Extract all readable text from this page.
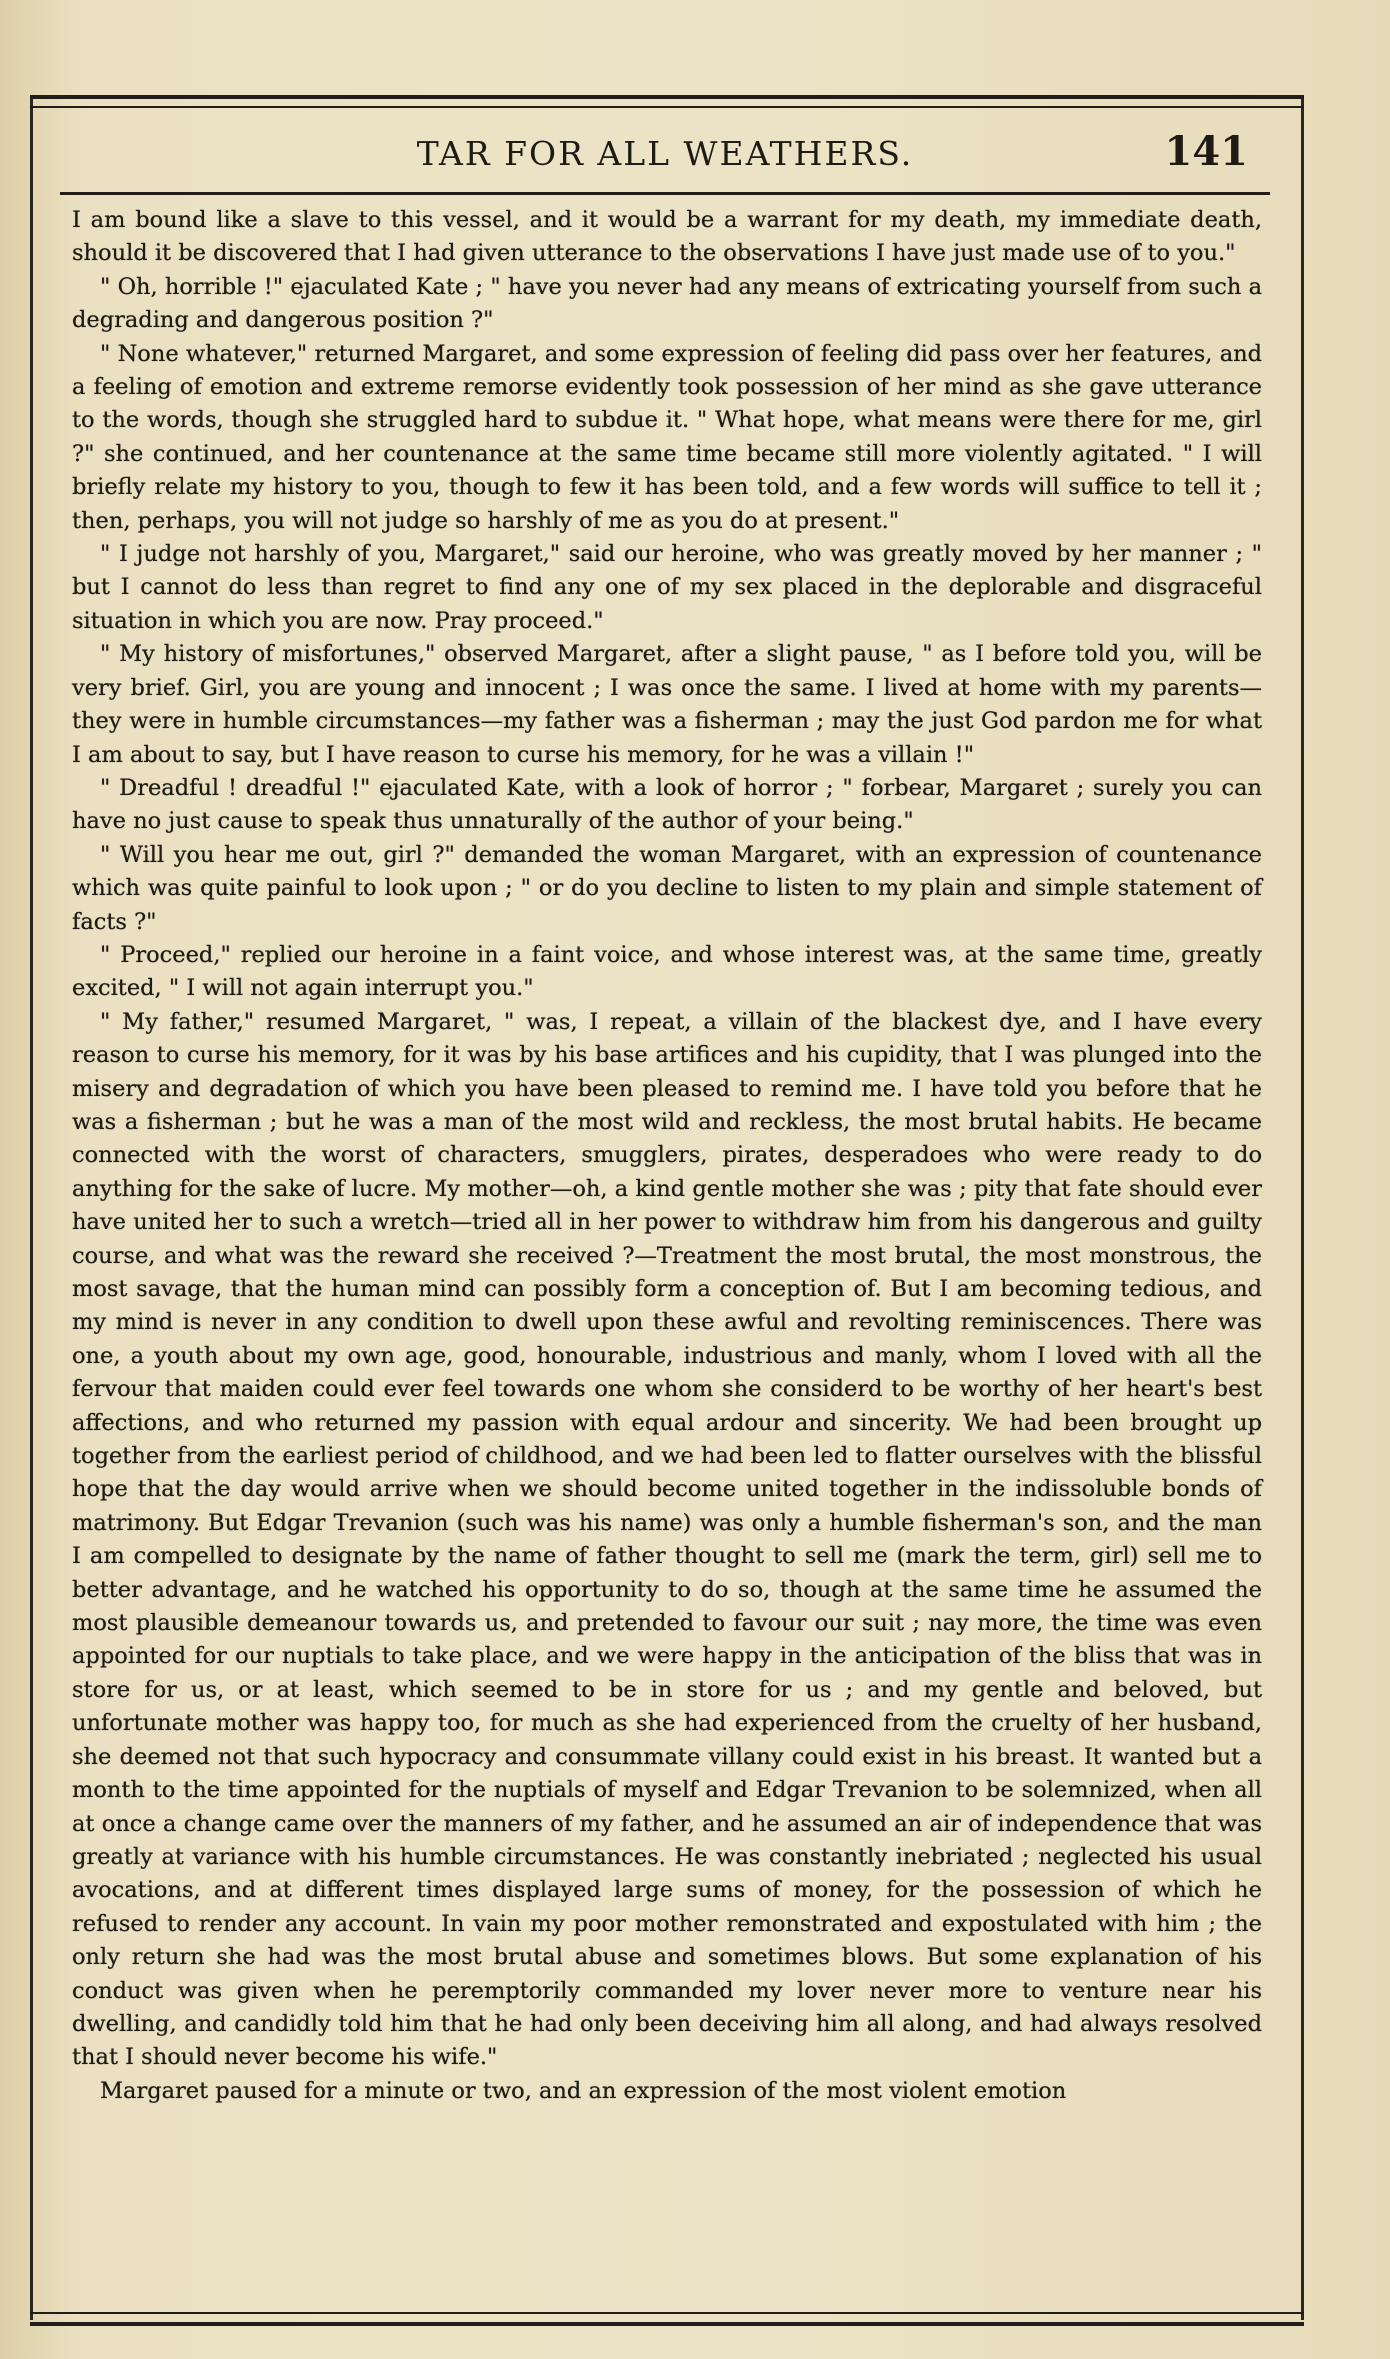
TAR FOR ALL WEATHERS.	141

I am bound like a slave to this vessel, and it would be a warrant for my death, my immediate death, should it be discovered that I had given utterance to the observations I have just made use of to you."

" Oh, horrible !" ejaculated Kate ; " have you never had any means of extricating yourself from such a degrading and dangerous position ?"

" None whatever," returned Margaret, and some expression of feeling did pass over her features, and a feeling of emotion and extreme remorse evidently took possession of her mind as she gave utterance to the words, though she struggled hard to subdue it. " What hope, what means were there for me, girl ?" she continued, and her countenance at the same time became still more violently agitated. " I will briefly relate my history to you, though to few it has been told, and a few words will suffice to tell it ; then, perhaps, you will not judge so harshly of me as you do at present."

" I judge not harshly of you, Margaret," said our heroine, who was greatly moved by her manner ; " but I cannot do less than regret to find any one of my sex placed in the deplorable and disgraceful situation in which you are now. Pray proceed."

" My history of misfortunes," observed Margaret, after a slight pause, " as I before told you, will be very brief. Girl, you are young and innocent ; I was once the same. I lived at home with my parents—they were in humble circumstances—my father was a fisherman ; may the just God pardon me for what I am about to say, but I have reason to curse his memory, for he was a villain !"

" Dreadful ! dreadful !" ejaculated Kate, with a look of horror ; " forbear, Margaret ; surely you can have no just cause to speak thus unnaturally of the author of your being."

" Will you hear me out, girl ?" demanded the woman Margaret, with an expression of countenance which was quite painful to look upon ; " or do you decline to listen to my plain and simple statement of facts ?"

" Proceed," replied our heroine in a faint voice, and whose interest was, at the same time, greatly excited, " I will not again interrupt you."

" My father," resumed Margaret, " was, I repeat, a villain of the blackest dye, and I have every reason to curse his memory, for it was by his base artifices and his cupidity, that I was plunged into the misery and degradation of which you have been pleased to remind me. I have told you before that he was a fisherman ; but he was a man of the most wild and reckless, the most brutal habits. He became connected with the worst of characters, smugglers, pirates, desperadoes who were ready to do anything for the sake of lucre. My mother—oh, a kind gentle mother she was ; pity that fate should ever have united her to such a wretch—tried all in her power to withdraw him from his dangerous and guilty course, and what was the reward she received ?—Treatment the most brutal, the most monstrous, the most savage, that the human mind can possibly form a conception of. But I am becoming tedious, and my mind is never in any condition to dwell upon these awful and revolting reminiscences. There was one, a youth about my own age, good, honourable, industrious and manly, whom I loved with all the fervour that maiden could ever feel towards one whom she considerd to be worthy of her heart's best affections, and who returned my passion with equal ardour and sincerity. We had been brought up together from the earliest period of childhood, and we had been led to flatter ourselves with the blissful hope that the day would arrive when we should become united together in the indissoluble bonds of matrimony. But Edgar Trevanion (such was his name) was only a humble fisherman's son, and the man I am compelled to designate by the name of father thought to sell me (mark the term, girl) sell me to better advantage, and he watched his opportunity to do so, though at the same time he assumed the most plausible demeanour towards us, and pretended to favour our suit ; nay more, the time was even appointed for our nuptials to take place, and we were happy in the anticipation of the bliss that was in store for us, or at least, which seemed to be in store for us ; and my gentle and beloved, but unfortunate mother was happy too, for much as she had experienced from the cruelty of her husband, she deemed not that such hypocracy and consummate villany could exist in his breast. It wanted but a month to the time appointed for the nuptials of myself and Edgar Trevanion to be solemnized, when all at once a change came over the manners of my father, and he assumed an air of independence that was greatly at variance with his humble circumstances. He was constantly inebriated ; neglected his usual avocations, and at different times displayed large sums of money, for the possession of which he refused to render any account. In vain my poor mother remonstrated and expostulated with him ; the only return she had was the most brutal abuse and sometimes blows. But some explanation of his conduct was given when he peremptorily commanded my lover never more to venture near his dwelling, and candidly told him that he had only been deceiving him all along, and had always resolved that I should never become his wife."

Margaret paused for a minute or two, and an expression of the most violent emotion
